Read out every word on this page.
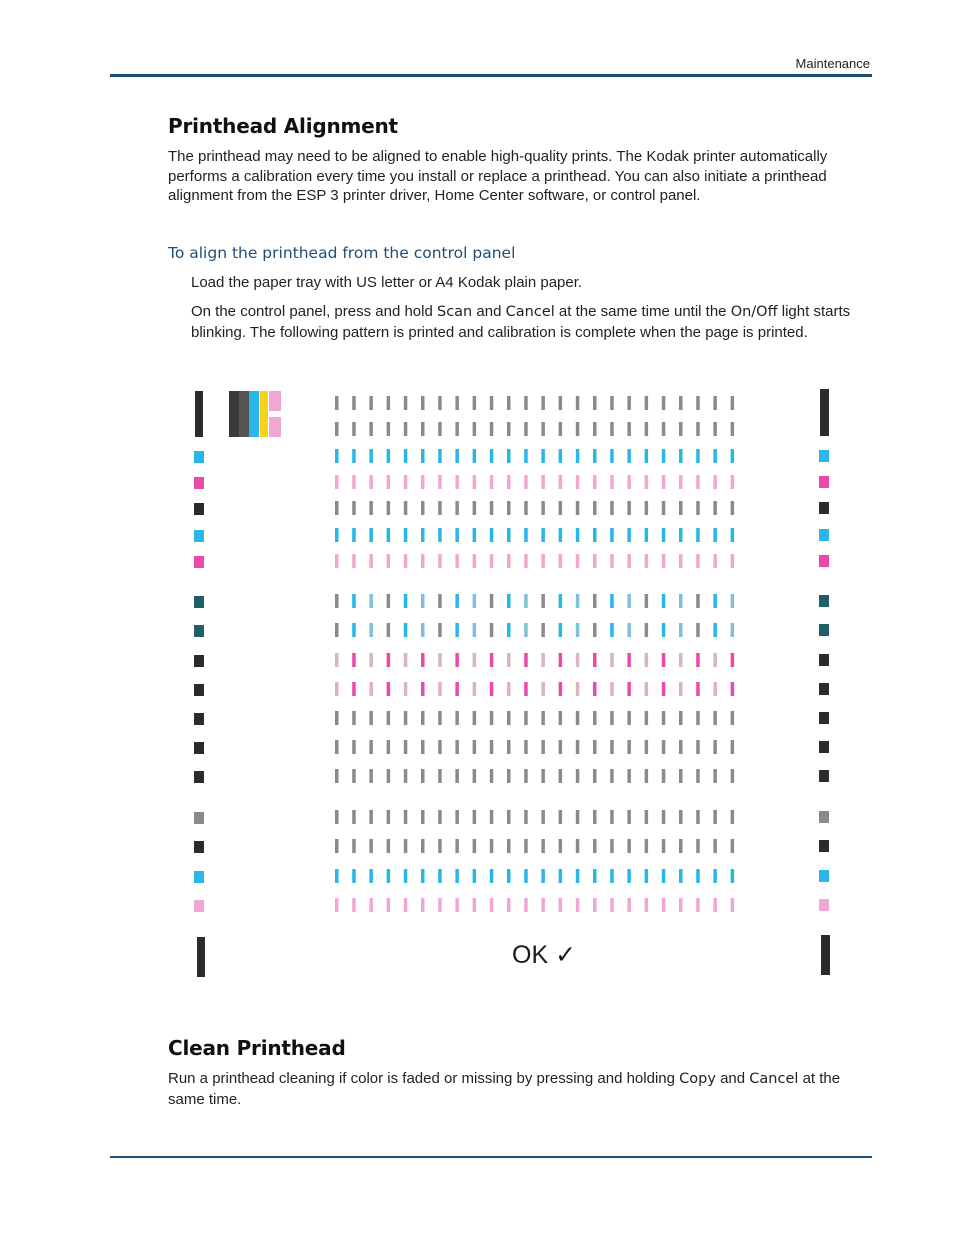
Maintenance
Printhead Alignment

The printhead may need to be aligned to enable high-quality prints. The Kodak printer automatically performs a calibration every time you install or replace a printhead. You can also initiate a printhead alignment from the ESP 3 printer driver, Home Center software, or control panel.

To align the printhead from the control panel

Load the paper tray with US letter or A4 Kodak plain paper.

On the control panel, press and hold Scan and Cancel at the same time until the On/Off light starts blinking. The following pattern is printed and calibration is complete when the page is printed.

OK ✓
Clean Printhead

Run a printhead cleaning if color is faded or missing by pressing and holding Copy and Cancel at the same time.
